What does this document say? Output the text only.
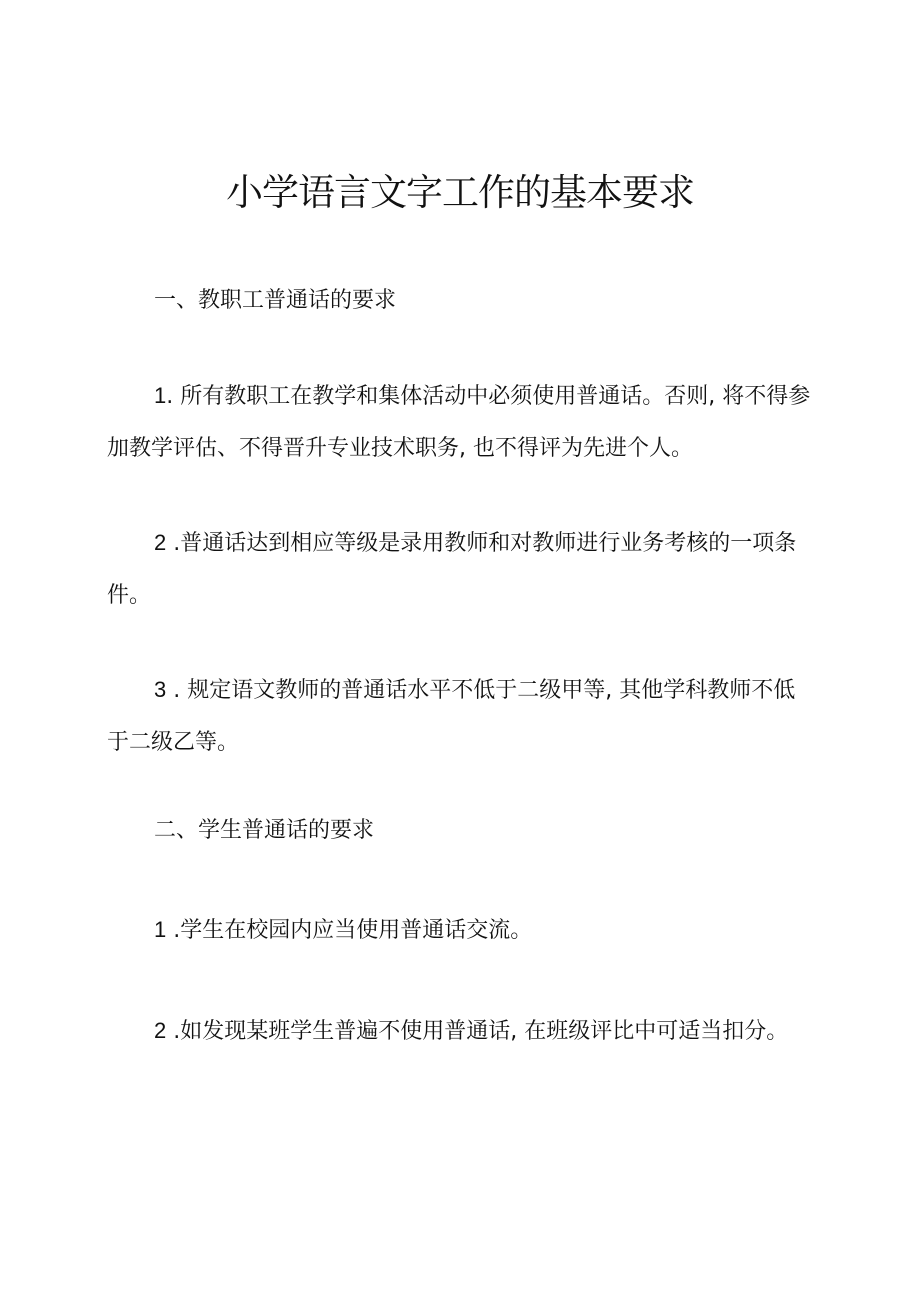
小学语言文字工作的基本要求

一、教职工普通话的要求

1. 所有教职工在教学和集体活动中必须使用普通话。否则, 将不得参加教学评估、不得晋升专业技术职务, 也不得评为先进个人。

2 .普通话达到相应等级是录用教师和对教师进行业务考核的一项条件。

3 . 规定语文教师的普通话水平不低于二级甲等, 其他学科教师不低于二级乙等。

二、学生普通话的要求

1 .学生在校园内应当使用普通话交流。

2 .如发现某班学生普遍不使用普通话, 在班级评比中可适当扣分。
